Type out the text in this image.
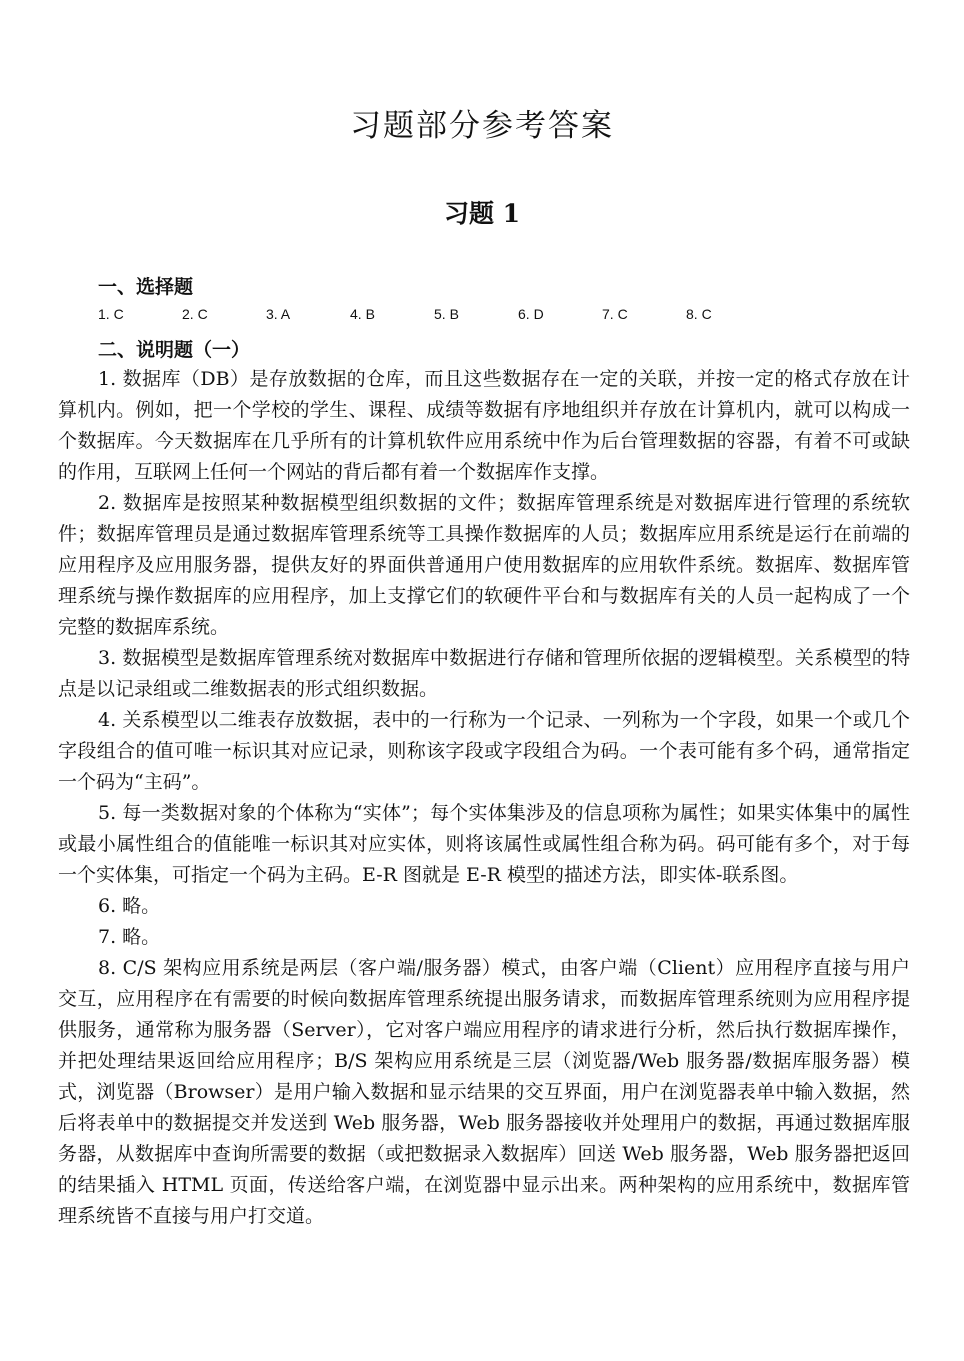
习题部分参考答案
习题 1
一、选择题
1. C	2. C	3. A	4. B	5. B	6. D	7. C	8. C
二、说明题（一）

1. 数据库（DB）是存放数据的仓库，而且这些数据存在一定的关联，并按一定的格式存放在计算机内。例如，把一个学校的学生、课程、成绩等数据有序地组织并存放在计算机内，就可以构成一个数据库。今天数据库在几乎所有的计算机软件应用系统中作为后台管理数据的容器，有着不可或缺的作用，互联网上任何一个网站的背后都有着一个数据库作支撑。

2. 数据库是按照某种数据模型组织数据的文件；数据库管理系统是对数据库进行管理的系统软件；数据库管理员是通过数据库管理系统等工具操作数据库的人员；数据库应用系统是运行在前端的应用程序及应用服务器，提供友好的界面供普通用户使用数据库的应用软件系统。数据库、数据库管理系统与操作数据库的应用程序，加上支撑它们的软硬件平台和与数据库有关的人员一起构成了一个完整的数据库系统。

3. 数据模型是数据库管理系统对数据库中数据进行存储和管理所依据的逻辑模型。关系模型的特点是以记录组或二维数据表的形式组织数据。

4. 关系模型以二维表存放数据，表中的一行称为一个记录、一列称为一个字段，如果一个或几个字段组合的值可唯一标识其对应记录，则称该字段或字段组合为码。一个表可能有多个码，通常指定一个码为“主码”。

5. 每一类数据对象的个体称为“实体”；每个实体集涉及的信息项称为属性；如果实体集中的属性或最小属性组合的值能唯一标识其对应实体，则将该属性或属性组合称为码。码可能有多个，对于每一个实体集，可指定一个码为主码。E-R 图就是 E-R 模型的描述方法，即实体-联系图。

6. 略。

7. 略。

8. C/S 架构应用系统是两层（客户端/服务器）模式，由客户端（Client）应用程序直接与用户交互，应用程序在有需要的时候向数据库管理系统提出服务请求，而数据库管理系统则为应用程序提供服务，通常称为服务器（Server），它对客户端应用程序的请求进行分析，然后执行数据库操作，并把处理结果返回给应用程序；B/S 架构应用系统是三层（浏览器/Web 服务器/数据库服务器）模式，浏览器（Browser）是用户输入数据和显示结果的交互界面，用户在浏览器表单中输入数据，然后将表单中的数据提交并发送到 Web 服务器，Web 服务器接收并处理用户的数据，再通过数据库服务器，从数据库中查询所需要的数据（或把数据录入数据库）回送 Web 服务器，Web 服务器把返回的结果插入 HTML 页面，传送给客户端，在浏览器中显示出来。两种架构的应用系统中，数据库管理系统皆不直接与用户打交道。
